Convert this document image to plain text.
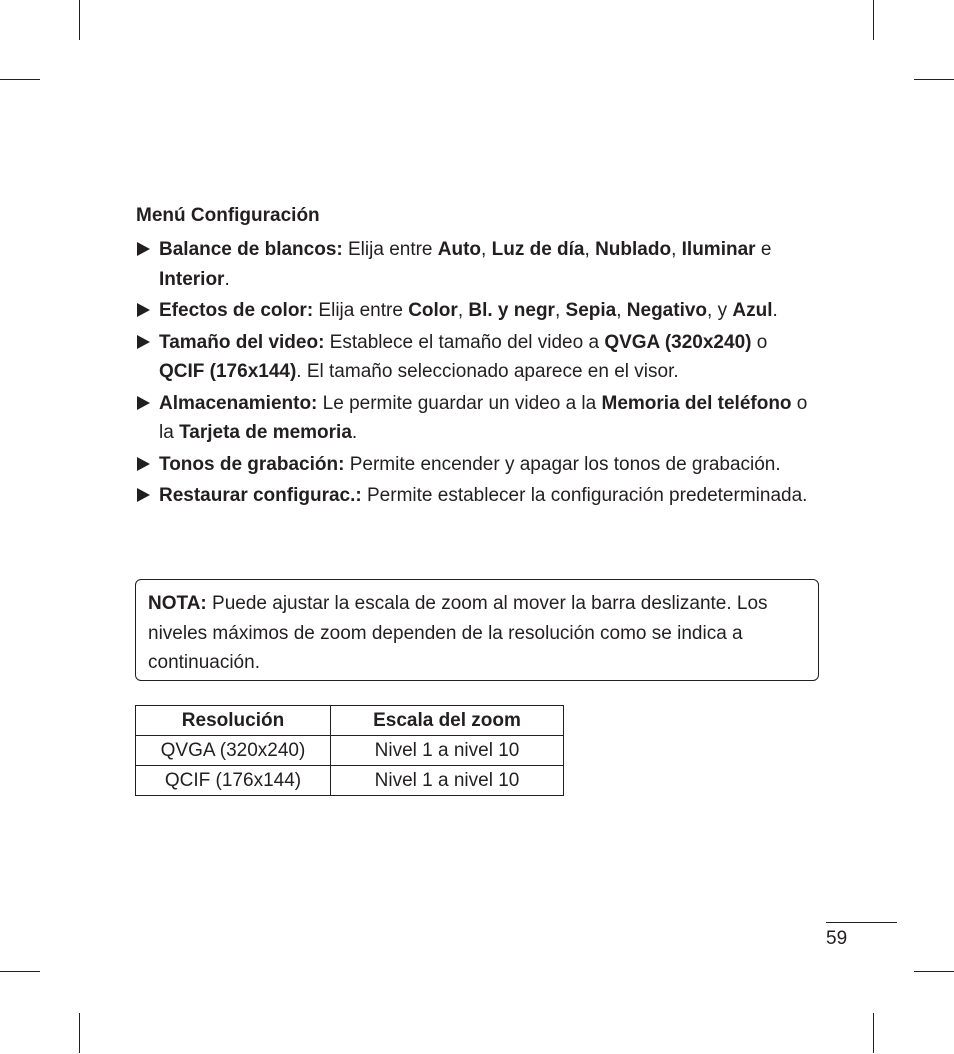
Menú Configuración
Balance de blancos: Elija entre Auto, Luz de día, Nublado, Iluminar e
Interior.
Efectos de color: Elija entre Color, Bl. y negr, Sepia, Negativo, y Azul.
Tamaño del video: Establece el tamaño del video a QVGA (320x240) o
QCIF (176x144). El tamaño seleccionado aparece en el visor.
Almacenamiento: Le permite guardar un video a la Memoria del teléfono o la Tarjeta de memoria.
Tonos de grabación: Permite encender y apagar los tonos de grabación.
Restaurar configurac.: Permite establecer la configuración predeterminada.
NOTA: Puede ajustar la escala de zoom al mover la barra deslizante. Los niveles máximos de zoom dependen de la resolución como se indica a continuación.
Resolución	Escala del zoom
QVGA (320x240)	Nivel 1 a nivel 10
QCIF (176x144)	Nivel 1 a nivel 10
59
